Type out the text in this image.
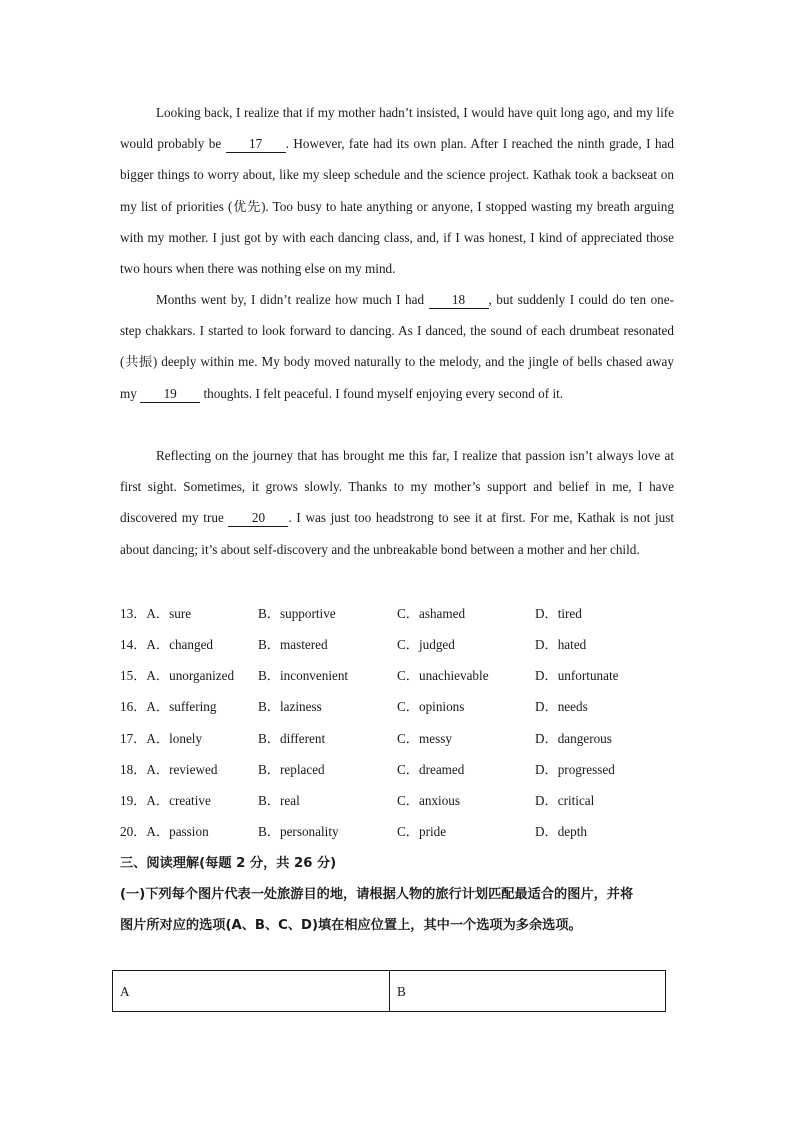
Looking back, I realize that if my mother hadn’t insisted, I would have quit long ago, and my life would probably be 17 . However, fate had its own plan. After I reached the ninth grade, I had bigger things to worry about, like my sleep schedule and the science project. Kathak took a backseat on my list of priorities (优先). Too busy to hate anything or anyone, I stopped wasting my breath arguing with my mother. I just got by with each dancing class, and, if I was honest, I kind of appreciated those two hours when there was nothing else on my mind.

Months went by, I didn’t realize how much I had 18 , but suddenly I could do ten one-step chakkars. I started to look forward to dancing. As I danced, the sound of each drumbeat resonated (共振) deeply within me. My body moved naturally to the melody, and the jingle of bells chased away my 19 thoughts. I felt peaceful. I found myself enjoying every second of it.

Reflecting on the journey that has brought me this far, I realize that passion isn’t always love at first sight. Sometimes, it grows slowly. Thanks to my mother’s support and belief in me, I have discovered my true 20 . I was just too headstrong to see it at first. For me, Kathak is not just about dancing; it’s about self-discovery and the unbreakable bond between a mother and her child.

13．A．sure	B．supportive	C．ashamed	D．tired
14．A．changed	B．mastered	C．judged	D．hated
15．A．unorganized B．inconvenient	C．unachievable	D．unfortunate
16．A．suffering	B．laziness	C．opinions	D．needs
17．A．lonely	B．different	C．messy	D．dangerous
18．A．reviewed	B．replaced	C．dreamed	D．progressed
19．A．creative	B．real	C．anxious	D．critical
20．A．passion	B．personality	C．pride	D．depth
三、阅读理解(每题 2 分，共 26 分)
(一)下列每个图片代表一处旅游目的地，请根据人物的旅行计划匹配最适合的图片，并将
图片所对应的选项(A、B、C、D)填在相应位置上，其中一个选项为多余选项。
A	B
